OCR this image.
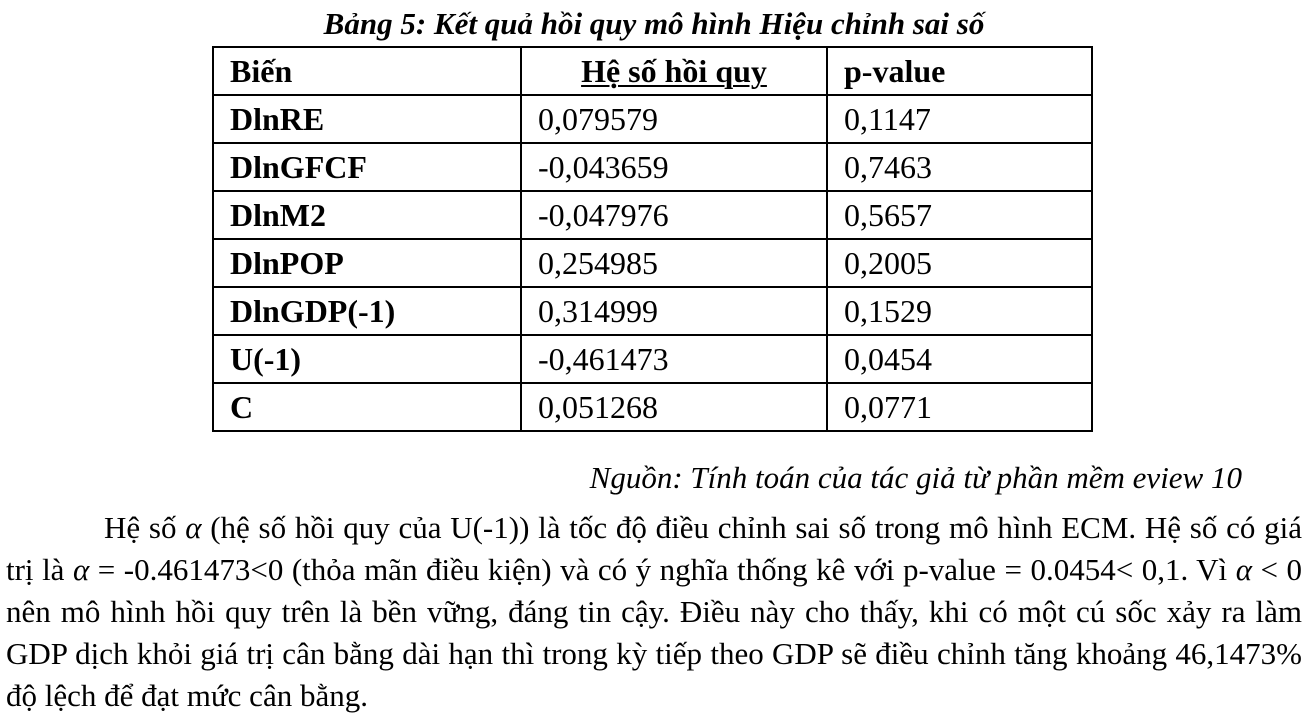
Bảng 5: Kết quả hồi quy mô hình Hiệu chỉnh sai số
Biến	Hệ số hồi quy	p-value
DlnRE	0,079579	0,1147
DlnGFCF	-0,043659	0,7463
DlnM2	-0,047976	0,5657
DlnPOP	0,254985	0,2005
DlnGDP(-1)	0,314999	0,1529
U(-1)	-0,461473	0,0454
C	0,051268	0,0771
Nguồn: Tính toán của tác giả từ phần mềm eview 10
Hệ số α (hệ số hồi quy của U(-1)) là tốc độ điều chỉnh sai số trong mô hình ECM. Hệ số có giá trị là α = -0.461473<0 (thỏa mãn điều kiện) và có ý nghĩa thống kê với p-value = 0.0454< 0,1. Vì α < 0 nên mô hình hồi quy trên là bền vững, đáng tin cậy. Điều này cho thấy, khi có một cú sốc xảy ra làm GDP dịch khỏi giá trị cân bằng dài hạn thì trong kỳ tiếp theo GDP sẽ điều chỉnh tăng khoảng 46,1473% độ lệch để đạt mức cân bằng.
